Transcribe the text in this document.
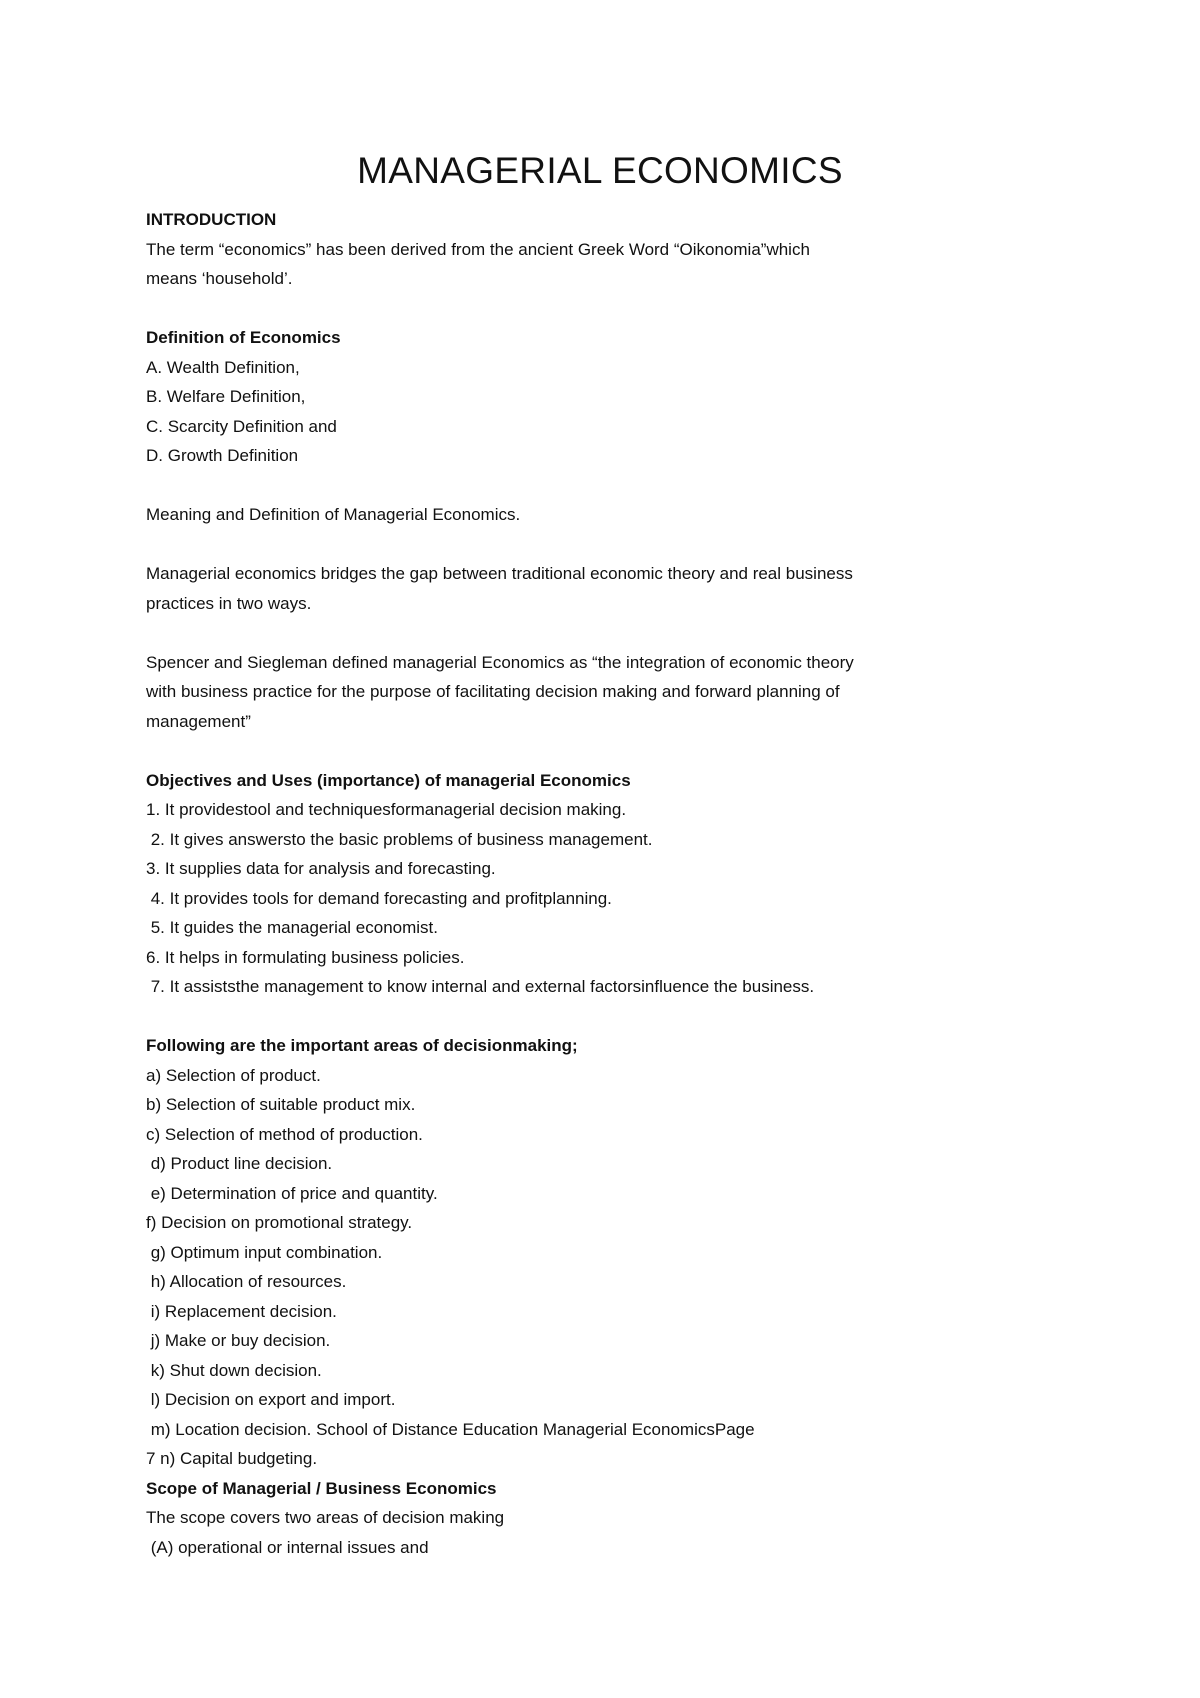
MANAGERIAL ECONOMICS

INTRODUCTION

The term “economics” has been derived from the ancient Greek Word “Oikonomia”which

means ‘household’.

Definition of Economics

A. Wealth Definition,

B. Welfare Definition,

C. Scarcity Definition and

D. Growth Definition

Meaning and Definition of Managerial Economics.

Managerial economics bridges the gap between traditional economic theory and real business

practices in two ways.

Spencer and Siegleman defined managerial Economics as “the integration of economic theory

with business practice for the purpose of facilitating decision making and forward planning of

management”

Objectives and Uses (importance) of managerial Economics

1. It providestool and techniquesformanagerial decision making.

2. It gives answersto the basic problems of business management.

3. It supplies data for analysis and forecasting.

4. It provides tools for demand forecasting and profitplanning.

5. It guides the managerial economist.

6. It helps in formulating business policies.

7. It assiststhe management to know internal and external factorsinfluence the business.

Following are the important areas of decisionmaking;

a) Selection of product.

b) Selection of suitable product mix.

c) Selection of method of production.

d) Product line decision.

e) Determination of price and quantity.

f) Decision on promotional strategy.

g) Optimum input combination.

h) Allocation of resources.

i) Replacement decision.

j) Make or buy decision.

k) Shut down decision.

l) Decision on export and import.

m) Location decision. School of Distance Education Managerial EconomicsPage

7 n) Capital budgeting.

Scope of Managerial / Business Economics

The scope covers two areas of decision making

(A) operational or internal issues and
